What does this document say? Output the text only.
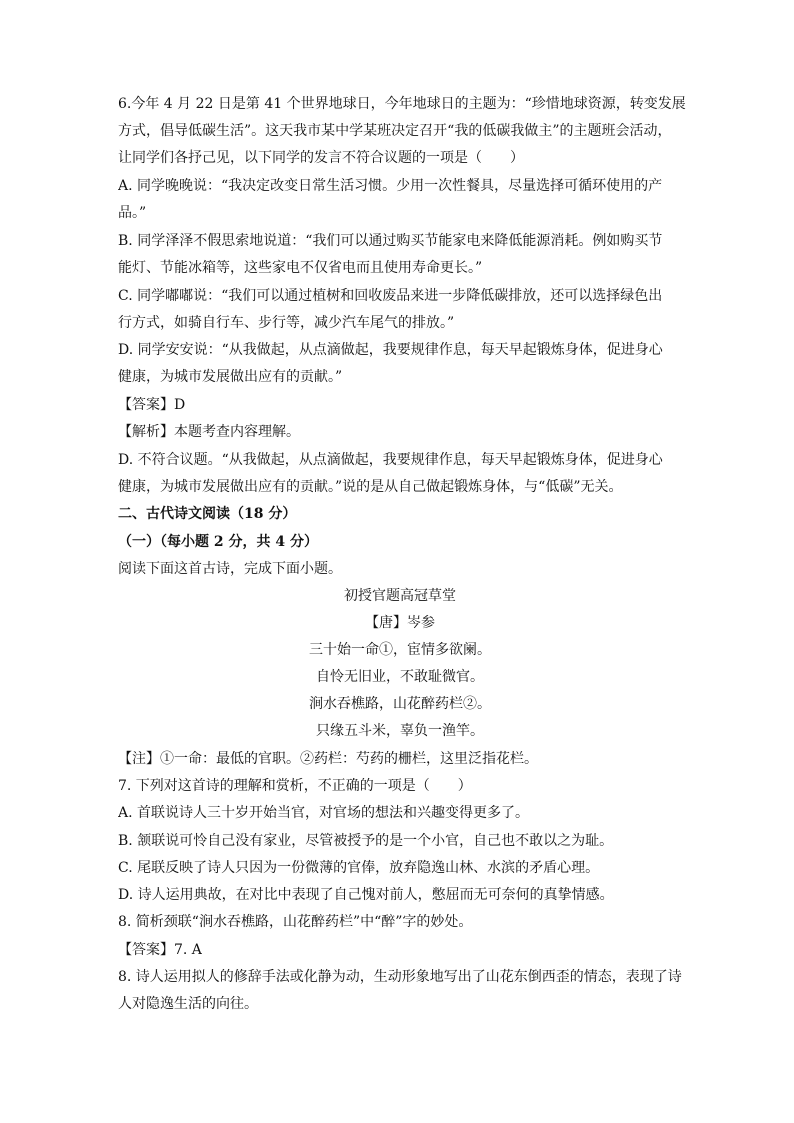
6.今年 4 月 22 日是第 41 个世界地球日，今年地球日的主题为：“珍惜地球资源，转变发展
方式，倡导低碳生活”。这天我市某中学某班决定召开“我的低碳我做主”的主题班会活动，
让同学们各抒己见，以下同学的发言不符合议题的一项是（　　）
A. 同学晚晚说：“我决定改变日常生活习惯。少用一次性餐具，尽量选择可循环使用的产
品。”
B. 同学泽泽不假思索地说道：“我们可以通过购买节能家电来降低能源消耗。例如购买节
能灯、节能冰箱等，这些家电不仅省电而且使用寿命更长。”
C. 同学嘟嘟说：“我们可以通过植树和回收废品来进一步降低碳排放，还可以选择绿色出
行方式，如骑自行车、步行等，减少汽车尾气的排放。”
D. 同学安安说：“从我做起，从点滴做起，我要规律作息，每天早起锻炼身体，促进身心
健康，为城市发展做出应有的贡献。”
【答案】D
【解析】本题考查内容理解。
D. 不符合议题。“从我做起，从点滴做起，我要规律作息，每天早起锻炼身体，促进身心
健康，为城市发展做出应有的贡献。”说的是从自己做起锻炼身体，与“低碳”无关。
二、古代诗文阅读（18 分）
（一）（每小题 2 分，共 4 分）
阅读下面这首古诗，完成下面小题。
初授官题高冠草堂
【唐】岑参
三十始一命①，宦情多欲阑。
自怜无旧业，不敢耻微官。
涧水吞樵路，山花醉药栏②。
只缘五斗米，辜负一渔竿。
【注】①一命：最低的官职。②药栏：芍药的栅栏，这里泛指花栏。
7. 下列对这首诗的理解和赏析，不正确的一项是（　　）
A. 首联说诗人三十岁开始当官，对官场的想法和兴趣变得更多了。
B. 颔联说可怜自己没有家业，尽管被授予的是一个小官，自己也不敢以之为耻。
C. 尾联反映了诗人只因为一份微薄的官俸，放弃隐逸山林、水滨的矛盾心理。
D. 诗人运用典故，在对比中表现了自己愧对前人，憋屈而无可奈何的真挚情感。
8. 简析颈联“涧水吞樵路，山花醉药栏”中“醉”字的妙处。
【答案】7. A
8. 诗人运用拟人的修辞手法或化静为动，生动形象地写出了山花东倒西歪的情态，表现了诗
人对隐逸生活的向往。
